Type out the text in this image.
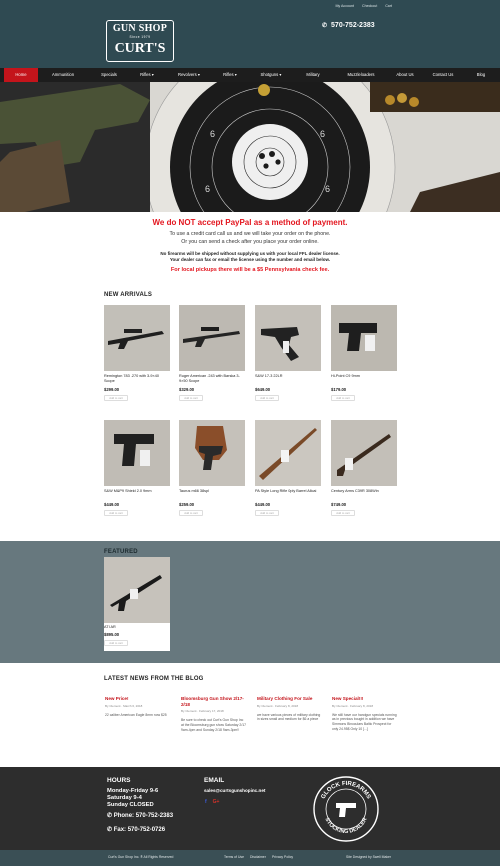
My Account Checkout Cart
GUN SHOP
Since 1979
CURT'S
✆ 570-752-2383
Home	Ammunition	Specials	Rifles ▾	Revolvers ▾	Rifles ▾	Shotguns ▾	Military	Muzzleloaders	About Us	Contact Us	Blog
6	6
6	6
We do NOT accept PayPal as a method of payment.
To use a credit card call us and we will take your order on the phone.
Or you can send a check after you place your order online.
No firearms will be shipped without supplying us with your local FFL dealer license.
Your dealer can fax or email the license using the number and email below.
For local pickups there will be a $5 Pennsylvania check fee.
NEW ARRIVALS
Remington 783 .270 with 3-9×40 Scope
$299.00
Add to cart
Ruger American .243 with Barska 3-9×50 Scope
$329.00
Add to cart
S&W 17-3 22LR
$649.00
Add to cart
Hi-Point C9 9mm
$179.00
Add to cart
S&W M&P9 Shield 2.0 9mm
$449.00
Add to cart
Taurus m66 38spl
$259.00
Add to cart
PA Style Long Rifle 0ply Barrel Allcai
$449.00
Add to cart
Century Arms C39R 308Win
$749.00
Add to cart
FEATURED
ATI AR
$895.00
Add to cart
LATEST NEWS FROM THE BLOG
New Price!
By Clement · March 6, 2018
22 caliber American Eagle 8mm now $25
Bloomsburg Gun Show 2/17-2/18
By Clement · February 17, 2018
Be sure to check out Curt's Gun Shop Inc at the Bloomsburg gun show Saturday 2/17 9am-4pm and Sunday 2/18 9am-3pm!!
Military Clothing For Sale
By Clement · February 8, 2018
we have various pieces of military clothing in sizes small and medium for $6 a piece
New Special!!!
By Clement · February 8, 2018
We still have our handgun specials running as in previous bought in addition we have Simmons Binoculars Baltic Prospect for only 24.95$ Only 10 [...]
HOURS
Monday-Friday 9-6
Saturday 9-4
Sunday CLOSED
✆ Phone: 570-752-2383
✆ Fax: 570-752-0726
EMAIL
sales@curtsgunshopinc.net
f G+
GLOCK FIREARMS
STOCKING DEALER
Curt's Gun Shop Inc. ® All Rights Reserved	Terms of Use Disclaimer Privacy Policy	Site Designed by Swell Maker
